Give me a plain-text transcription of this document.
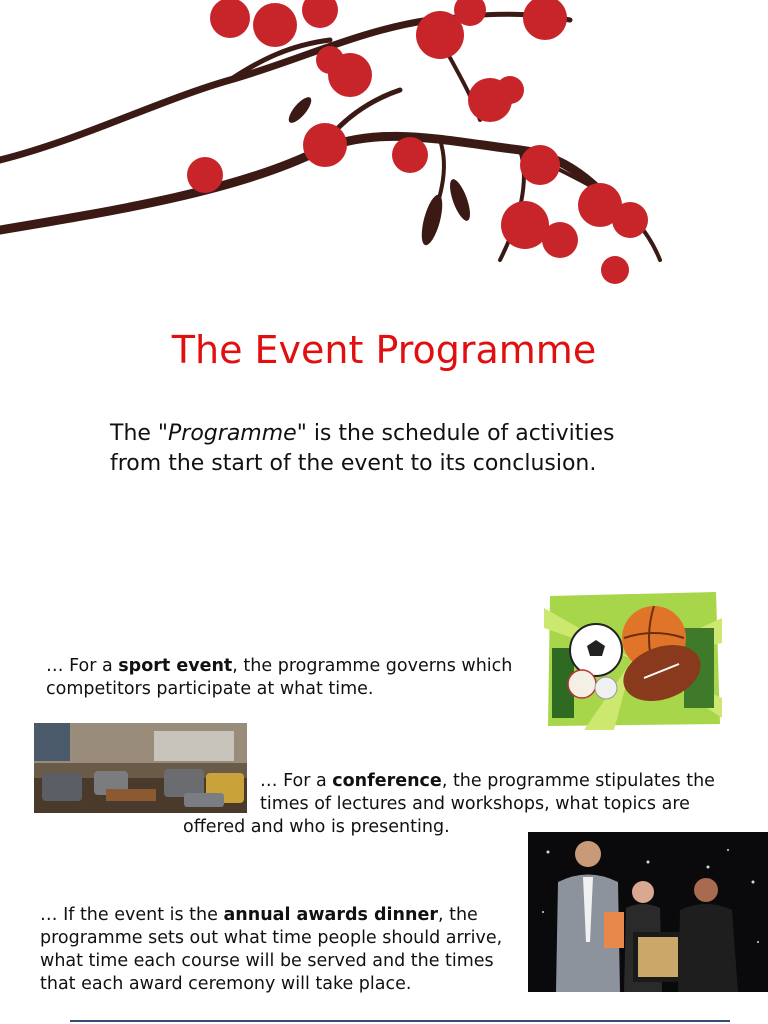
The Event Programme
The "Programme" is the schedule of activities
from the start of the event to its conclusion.
… For a sport event, the programme governs which competitors participate at what time.
… For a conference, the programme stipulates the
times of lectures and workshops, what topics are
offered and who is presenting.
… If the event is the annual awards dinner, the programme sets out what time people should arrive, what time each course will be served and the times that each award ceremony will take place.
